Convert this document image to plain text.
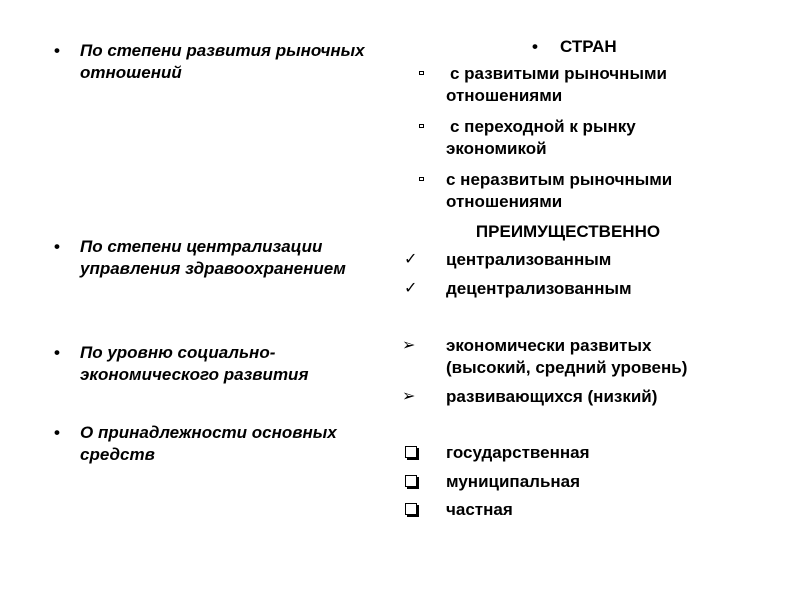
• По степени развития рыночных отношений
• По степени централизации управления здравоохранением
• По уровню социально-экономического развития
• О принадлежности основных средств
• СТРАН
с развитыми рыночными
отношениями
с переходной к рынку
экономикой
с неразвитым рыночными
отношениями
ПРЕИМУЩЕСТВЕННО
✓ централизованным
✓ децентрализованным
➢ экономически развитых
(высокий, средний уровень)
➢ развивающихся (низкий)
государственная
муниципальная
частная
